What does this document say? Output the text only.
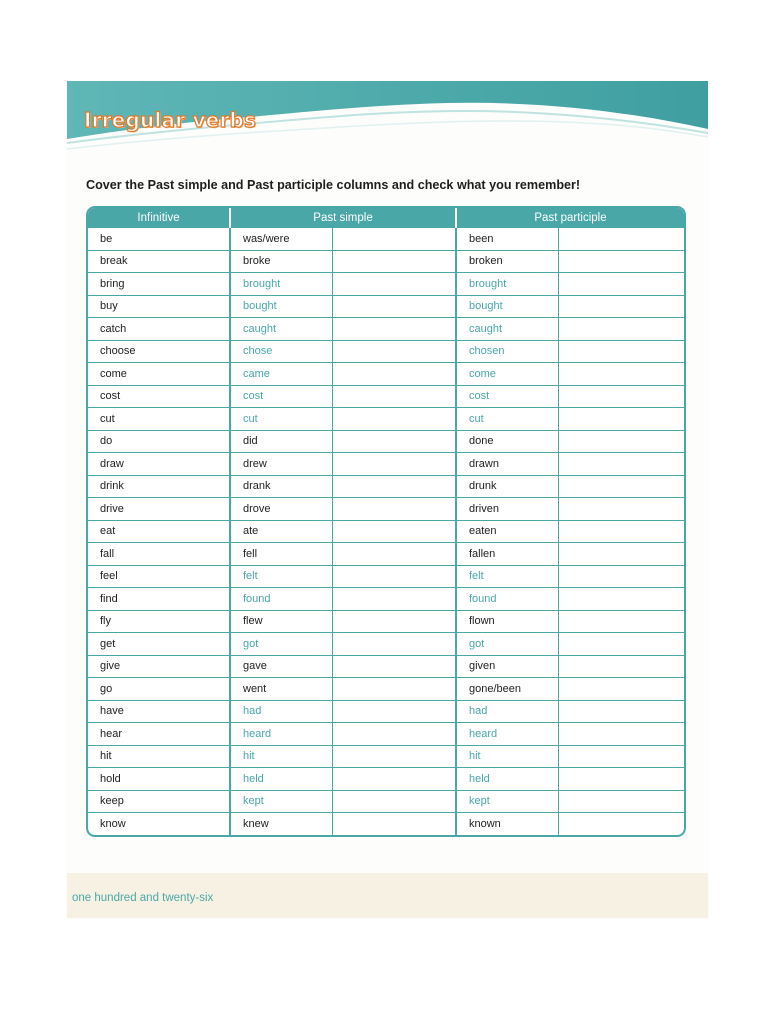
Irregular verbs
Cover the Past simple and Past participle columns and check what you remember!
Infinitive	Past simple		Past participle	
be	was/were		been	
break	broke		broken	
bring	brought		brought	
buy	bought		bought	
catch	caught		caught	
choose	chose		chosen	
come	came		come	
cost	cost		cost	
cut	cut		cut	
do	did		done	
draw	drew		drawn	
drink	drank		drunk	
drive	drove		driven	
eat	ate		eaten	
fall	fell		fallen	
feel	felt		felt	
find	found		found	
fly	flew		flown	
get	got		got	
give	gave		given	
go	went		gone/been	
have	had		had	
hear	heard		heard	
hit	hit		hit	
hold	held		held	
keep	kept		kept	
know	knew		known	
one hundred and twenty-six
